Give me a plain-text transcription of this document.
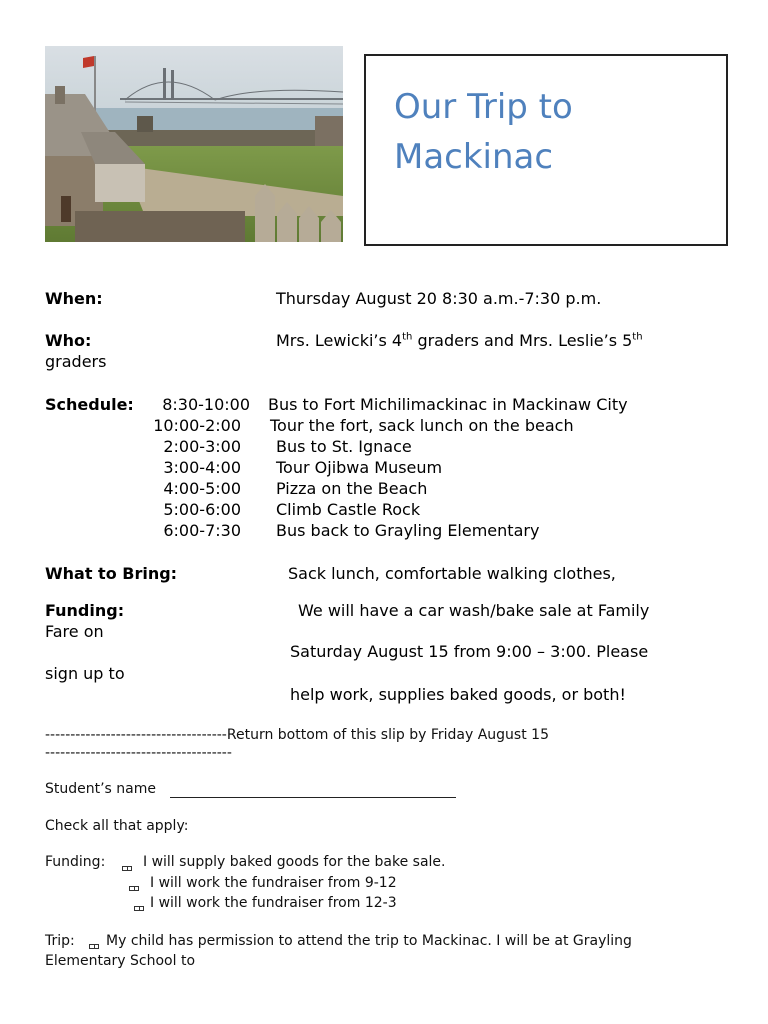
Our Trip to Mackinac
When:	Thursday August 20 8:30 a.m.-7:30 p.m.
Who:	Mrs. Lewicki’s 4th graders and Mrs. Leslie’s 5th
graders
Schedule: 8:30-10:00 Bus to Fort Michilimackinac in Mackinaw City
10:00-2:00 Tour the fort, sack lunch on the beach
2:00-3:00 Bus to St. Ignace
3:00-4:00 Tour Ojibwa Museum
4:00-5:00 Pizza on the Beach
5:00-6:00 Climb Castle Rock
6:00-7:30 Bus back to Grayling Elementary
What to Bring:	Sack lunch, comfortable walking clothes,
Funding:	We will have a car wash/bake sale at Family
Fare on
Saturday August 15 from 9:00 – 3:00. Please
sign up to
help work, supplies baked goods, or both!
------------------------------------Return bottom of this slip by Friday August 15
-------------------------------------
Student’s name
Check all that apply:
Funding:	I will supply baked goods for the bake sale.
I will work the fundraiser from 9-12
I will work the fundraiser from 12-3
Trip: My child has permission to attend the trip to Mackinac. I will be at Grayling
Elementary School to
